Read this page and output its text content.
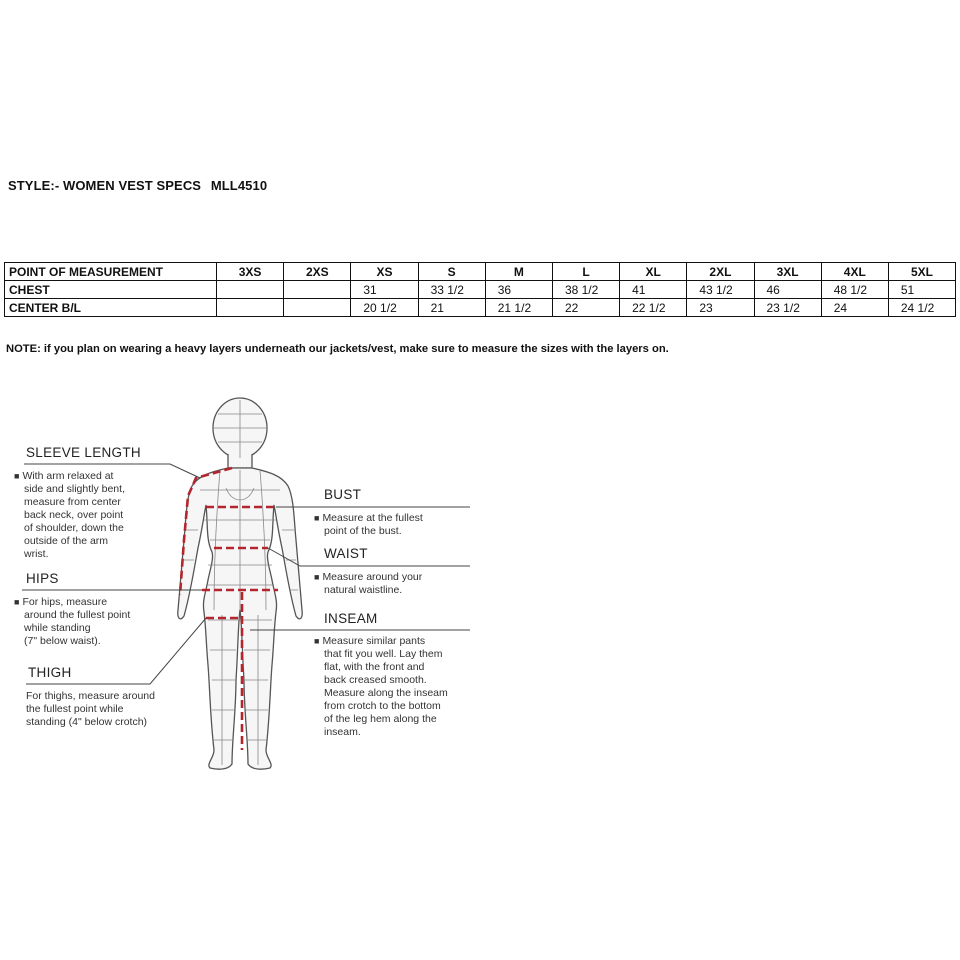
STYLE:- WOMEN VEST SPECS MLL4510
POINT OF MEASUREMENT	3XS	2XS	XS	S	M	L	XL	2XL	3XL	4XL	5XL
CHEST			31	33 1/2	36	38 1/2	41	43 1/2	46	48 1/2	51
CENTER B/L			20 1/2	21	21 1/2	22	22 1/2	23	23 1/2	24	24 1/2
NOTE: if you plan on wearing a heavy layers underneath our jackets/vest, make sure to measure the sizes with the layers on.
SLEEVE LENGTH
■ With arm relaxed at
side and slightly bent,
measure from center
back neck, over point
of shoulder, down the
outside of the arm
wrist.
HIPS
■ For hips, measure
around the fullest point
while standing
(7" below waist).
THIGH
For thighs, measure around
the fullest point while
standing (4" below crotch)
BUST
■ Measure at the fullest
point of the bust.
WAIST
■ Measure around your
natural waistline.
INSEAM
■ Measure similar pants
that fit you well. Lay them
flat, with the front and
back creased smooth.
Measure along the inseam
from crotch to the bottom
of the leg hem along the
inseam.
